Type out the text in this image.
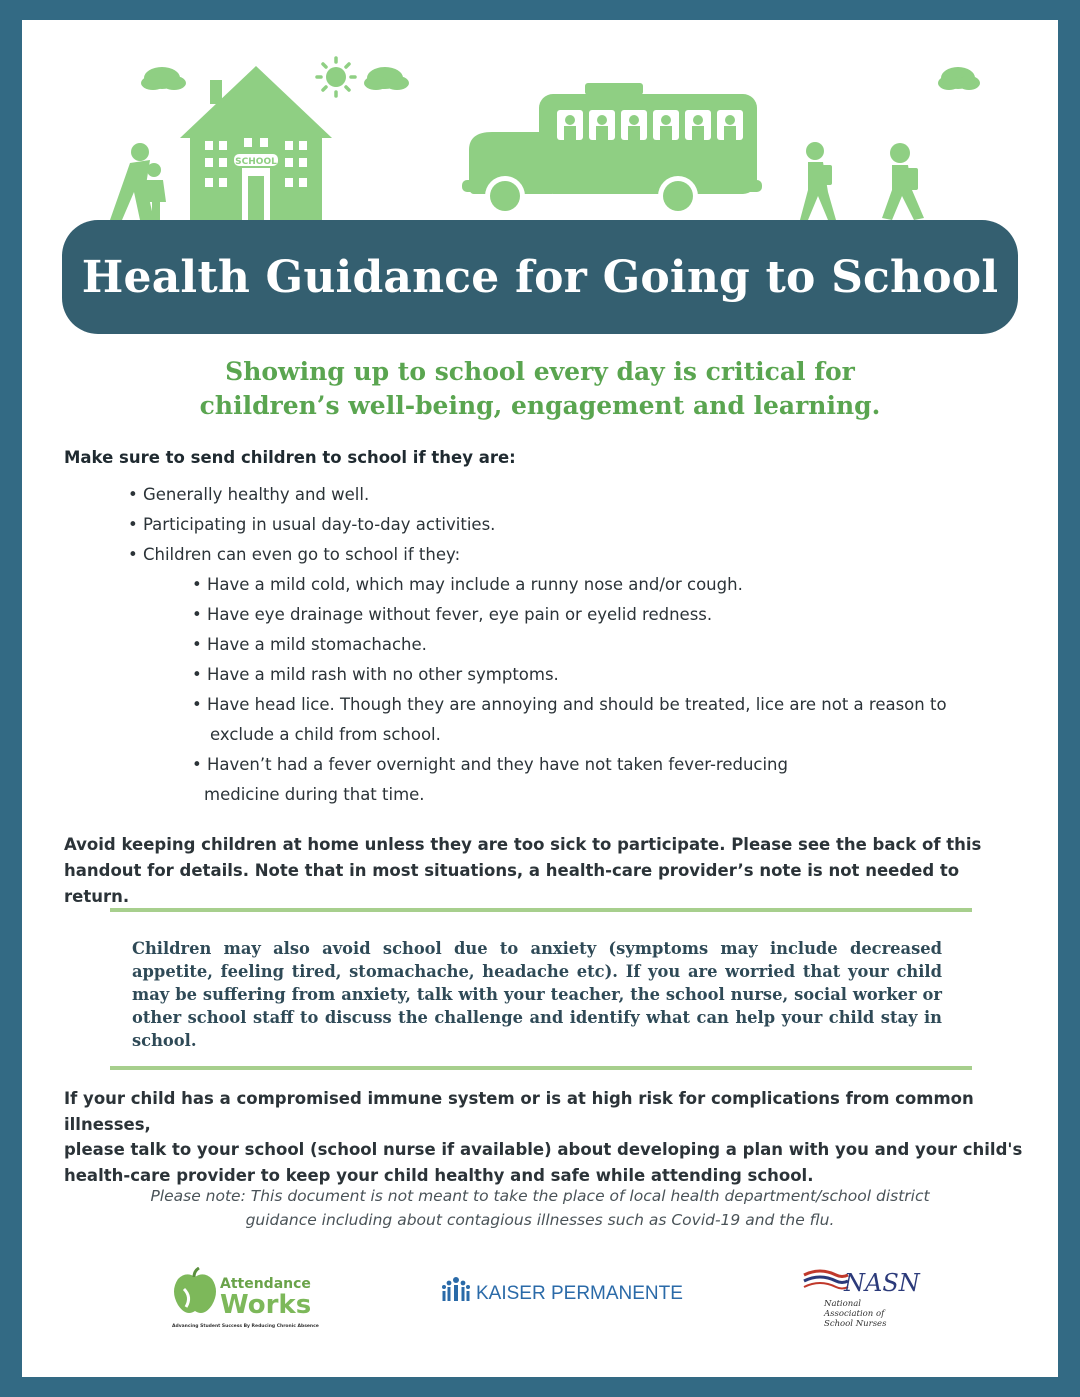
SCHOOL
Health Guidance for Going to School
Showing up to school every day is critical for
children’s well-being, engagement and learning.
Make sure to send children to school if they are:
• Generally healthy and well.
• Participating in usual day-to-day activities.
• Children can even go to school if they:
• Have a mild cold, which may include a runny nose and/or cough.
• Have eye drainage without fever, eye pain or eyelid redness.
• Have a mild stomachache.
• Have a mild rash with no other symptoms.
• Have head lice. Though they are annoying and should be treated, lice are not a reason to
exclude a child from school.
• Haven’t had a fever overnight and they have not taken fever-reducing
medicine during that time.
Avoid keeping children at home unless they are too sick to participate. Please see the back of this
handout for details. Note that in most situations, a health-care provider’s note is not needed to return.
Children may also avoid school due to anxiety (symptoms may include decreased appetite, feeling tired, stomachache, headache etc). If you are worried that your child may be suffering from anxiety, talk with your teacher, the school nurse, social worker or other school staff to discuss the challenge and identify what can help your child stay in school.
If your child has a compromised immune system or is at high risk for complications from common illnesses,
please talk to your school (school nurse if available) about developing a plan with you and your child's
health-care provider to keep your child healthy and safe while attending school.
Please note: This document is not meant to take the place of local health department/school district
guidance including about contagious illnesses such as Covid-19 and the flu.
Attendance
Works
Advancing Student Success By Reducing Chronic Absence
KAISER PERMANENTE	NASN
National
Association of
School Nurses
